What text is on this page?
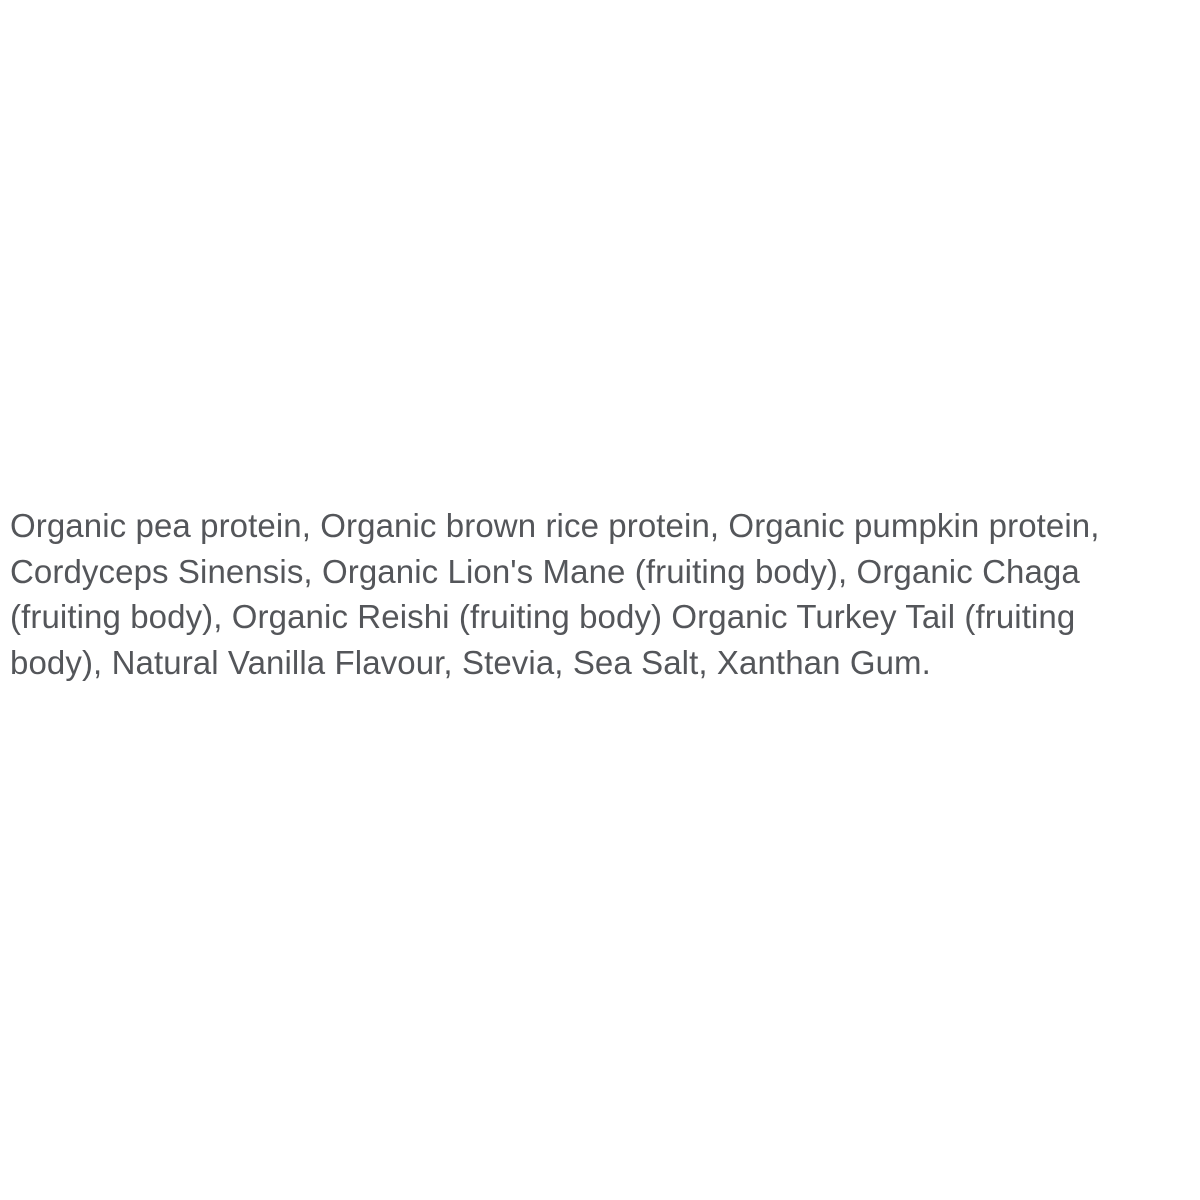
Organic pea protein, Organic brown rice protein, Organic pumpkin protein,
Cordyceps Sinensis, Organic Lion's Mane (fruiting body), Organic Chaga
(fruiting body), Organic Reishi (fruiting body) Organic Turkey Tail (fruiting
body), Natural Vanilla Flavour, Stevia, Sea Salt, Xanthan Gum.
